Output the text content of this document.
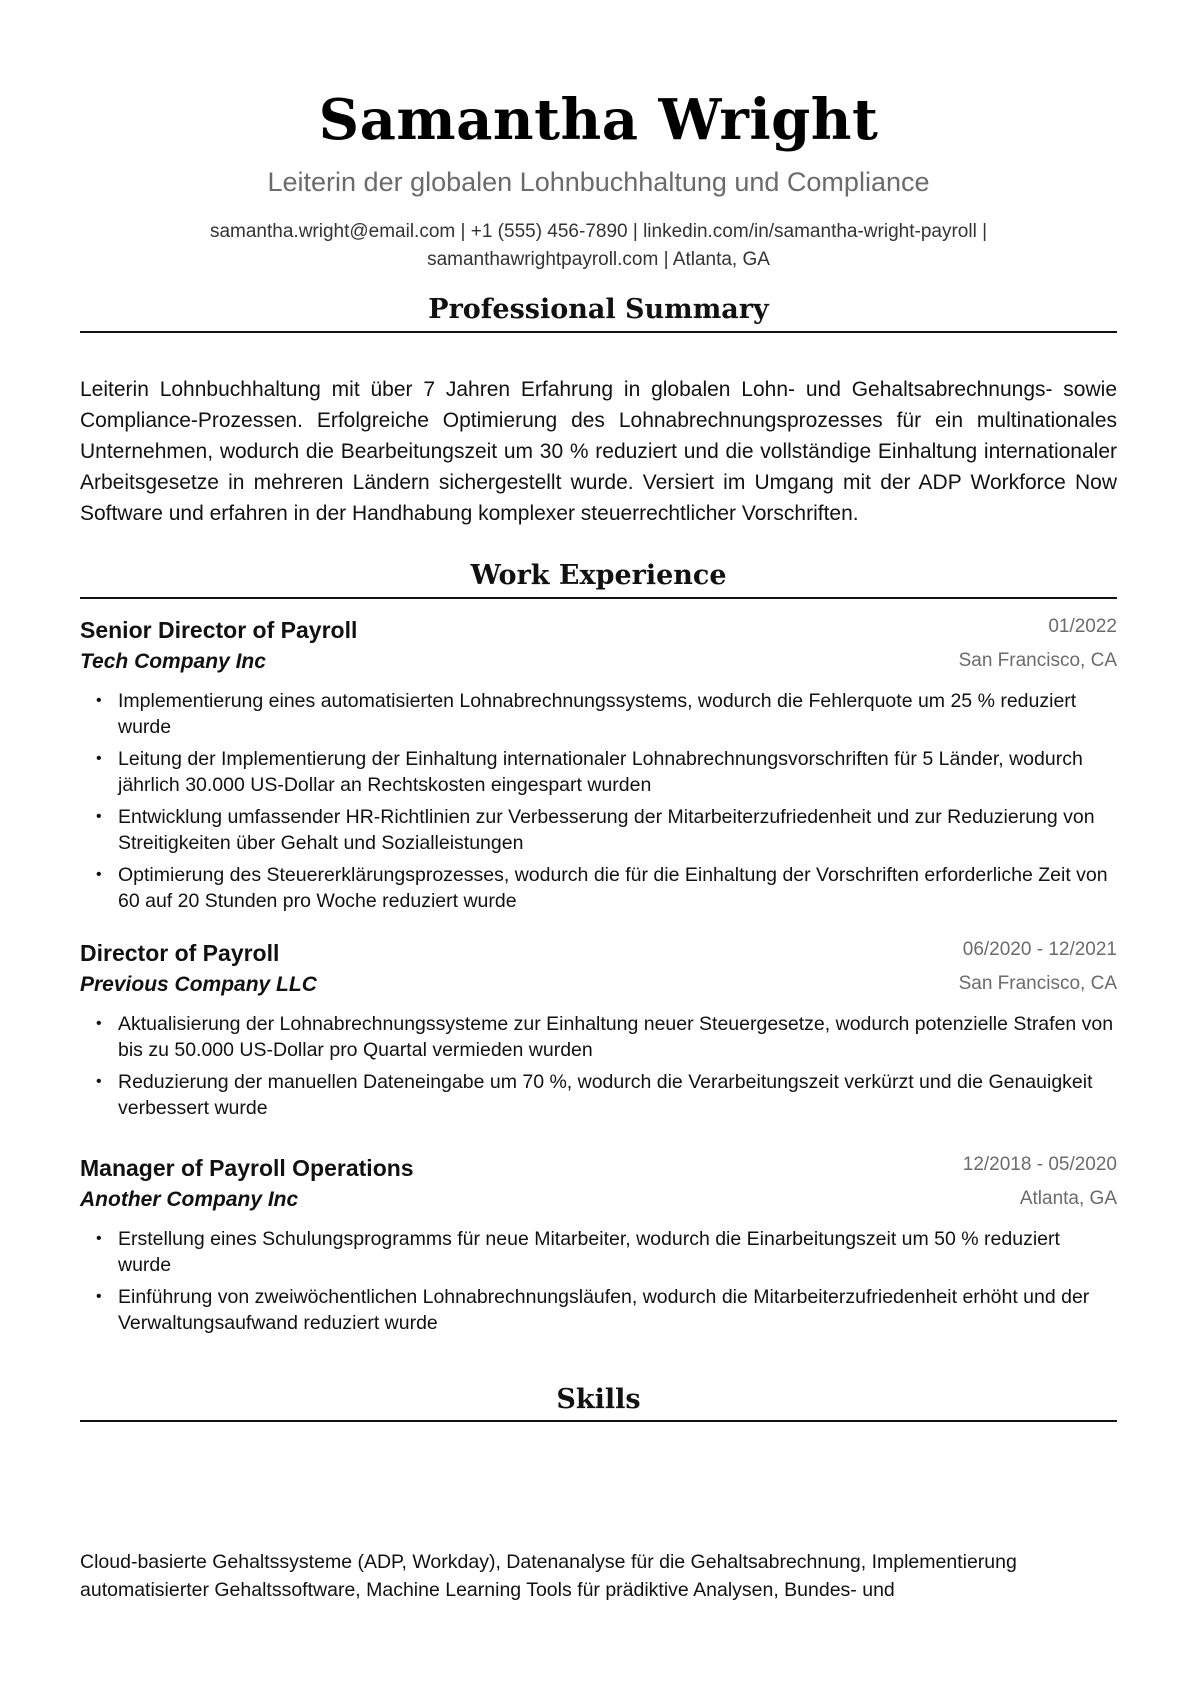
Samantha Wright
Leiterin der globalen Lohnbuchhaltung und Compliance
samantha.wright@email.com | +1 (555) 456-7890 | linkedin.com/in/samantha-wright-payroll |
samanthawrightpayroll.com | Atlanta, GA
Professional Summary
Leiterin Lohnbuchhaltung mit über 7 Jahren Erfahrung in globalen Lohn- und Gehaltsabrechnungs- sowie Compliance-Prozessen. Erfolgreiche Optimierung des Lohnabrechnungsprozesses für ein multinationales Unternehmen, wodurch die Bearbeitungszeit um 30 % reduziert und die vollständige Einhaltung internationaler Arbeitsgesetze in mehreren Ländern sichergestellt wurde. Versiert im Umgang mit der ADP Workforce Now Software und erfahren in der Handhabung komplexer steuerrechtlicher Vorschriften.
Work Experience
Senior Director of Payroll	01/2022
Tech Company Inc	San Francisco, CA
• Implementierung eines automatisierten Lohnabrechnungssystems, wodurch die Fehlerquote um 25 % reduziert wurde
• Leitung der Implementierung der Einhaltung internationaler Lohnabrechnungsvorschriften für 5 Länder, wodurch jährlich 30.000 US-Dollar an Rechtskosten eingespart wurden
• Entwicklung umfassender HR-Richtlinien zur Verbesserung der Mitarbeiterzufriedenheit und zur Reduzierung von Streitigkeiten über Gehalt und Sozialleistungen
• Optimierung des Steuererklärungsprozesses, wodurch die für die Einhaltung der Vorschriften erforderliche Zeit von 60 auf 20 Stunden pro Woche reduziert wurde
Director of Payroll	06/2020 - 12/2021
Previous Company LLC	San Francisco, CA
• Aktualisierung der Lohnabrechnungssysteme zur Einhaltung neuer Steuergesetze, wodurch potenzielle Strafen von bis zu 50.000 US-Dollar pro Quartal vermieden wurden
• Reduzierung der manuellen Dateneingabe um 70 %, wodurch die Verarbeitungszeit verkürzt und die Genauigkeit verbessert wurde
Manager of Payroll Operations	12/2018 - 05/2020
Another Company Inc	Atlanta, GA
• Erstellung eines Schulungsprogramms für neue Mitarbeiter, wodurch die Einarbeitungszeit um 50 % reduziert wurde
• Einführung von zweiwöchentlichen Lohnabrechnungsläufen, wodurch die Mitarbeiterzufriedenheit erhöht und der Verwaltungsaufwand reduziert wurde
Skills
Cloud-basierte Gehaltssysteme (ADP, Workday), Datenanalyse für die Gehaltsabrechnung, Implementierung automatisierter Gehaltssoftware, Machine Learning Tools für prädiktive Analysen, Bundes- und
